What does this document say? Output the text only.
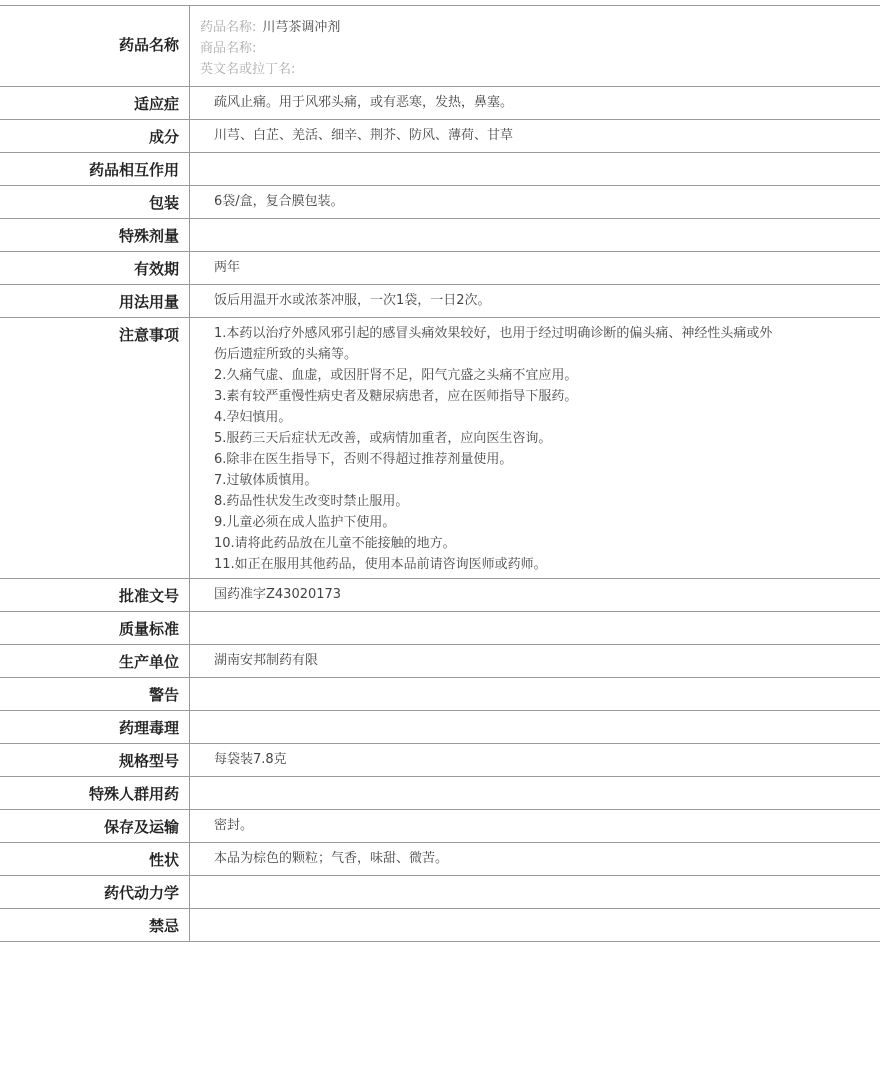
药品名称
药品名称: 川芎茶调冲剂
商品名称:
英文名或拉丁名:
适应症	疏风止痛。用于风邪头痛，或有恶寒，发热，鼻塞。
成分	川芎、白芷、羌活、细辛、荆芥、防风、薄荷、甘草
药品相互作用
包装	6袋/盒，复合膜包装。
特殊剂量
有效期	两年
用法用量	饭后用温开水或浓茶冲服，一次1袋，一日2次。
注意事项	1.本药以治疗外感风邪引起的感冒头痛效果较好，也用于经过明确诊断的偏头痛、神经性头痛或外伤后遗症所致的头痛等。
2.久痛气虚、血虚，或因肝肾不足，阳气亢盛之头痛不宜应用。
3.素有较严重慢性病史者及糖尿病患者，应在医师指导下服药。
4.孕妇慎用。
5.服药三天后症状无改善，或病情加重者，应向医生咨询。
6.除非在医生指导下，否则不得超过推荐剂量使用。
7.过敏体质慎用。
8.药品性状发生改变时禁止服用。
9.儿童必须在成人监护下使用。
10.请将此药品放在儿童不能接触的地方。
11.如正在服用其他药品，使用本品前请咨询医师或药师。
批准文号	国药准字Z43020173
质量标准
生产单位	湖南安邦制药有限
警告
药理毒理
规格型号	每袋装7.8克
特殊人群用药
保存及运输	密封。
性状	本品为棕色的颗粒；气香，味甜、微苦。
药代动力学
禁忌
